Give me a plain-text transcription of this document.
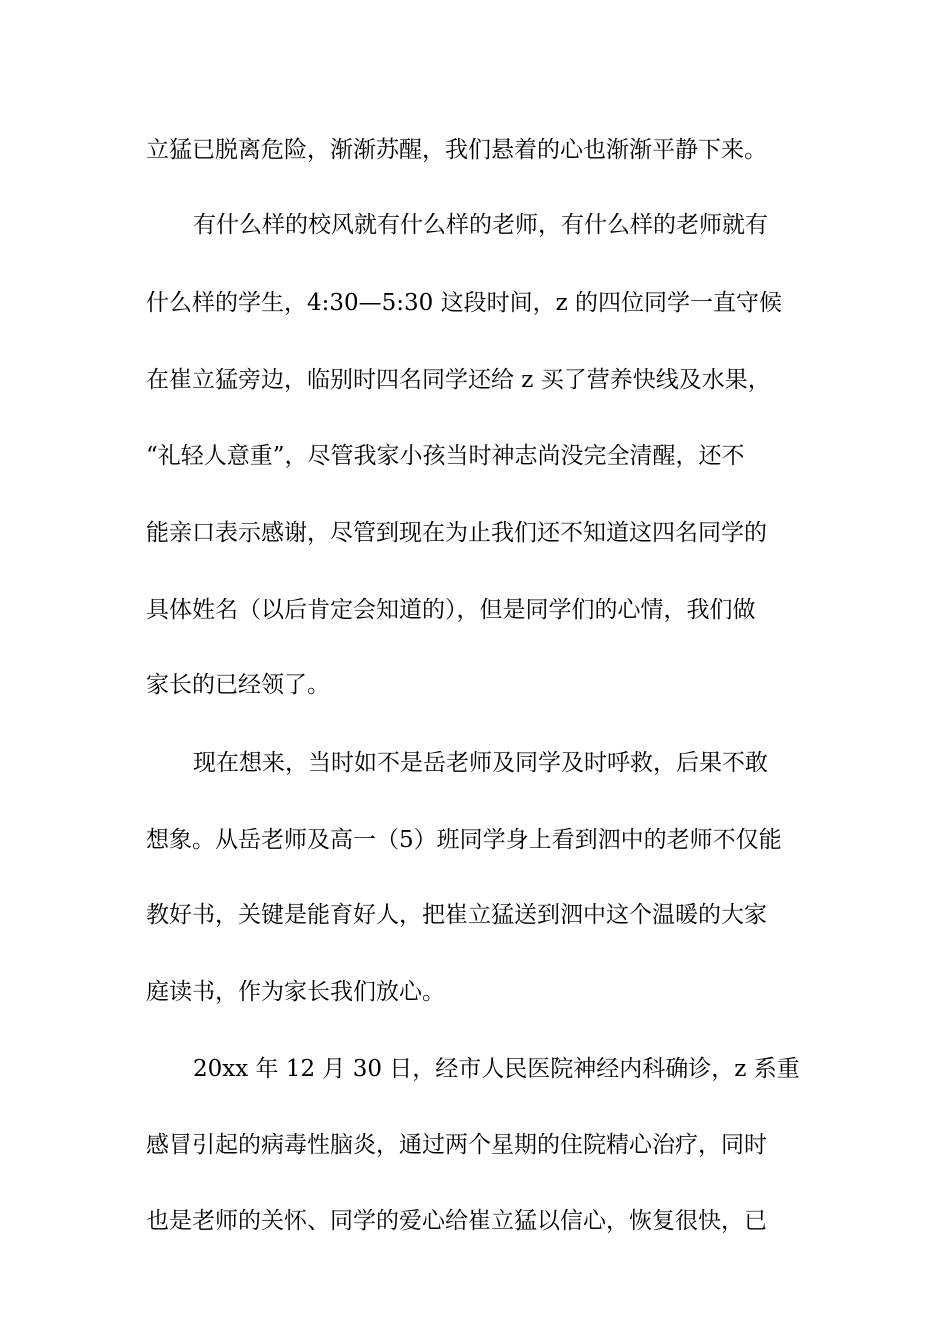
立猛已脱离危险，渐渐苏醒，我们悬着的心也渐渐平静下来。
有什么样的校风就有什么样的老师，有什么样的老师就有
什么样的学生，4:30—5:30 这段时间，z 的四位同学一直守候
在崔立猛旁边，临别时四名同学还给 z 买了营养快线及水果，
“礼轻人意重”，尽管我家小孩当时神志尚没完全清醒，还不
能亲口表示感谢，尽管到现在为止我们还不知道这四名同学的
具体姓名（以后肯定会知道的），但是同学们的心情，我们做
家长的已经领了。
现在想来，当时如不是岳老师及同学及时呼救，后果不敢
想象。从岳老师及高一（5）班同学身上看到泗中的老师不仅能
教好书，关键是能育好人，把崔立猛送到泗中这个温暖的大家
庭读书，作为家长我们放心。
20xx 年 12 月 30 日，经市人民医院神经内科确诊，z 系重
感冒引起的病毒性脑炎，通过两个星期的住院精心治疗，同时
也是老师的关怀、同学的爱心给崔立猛以信心，恢复很快，已
